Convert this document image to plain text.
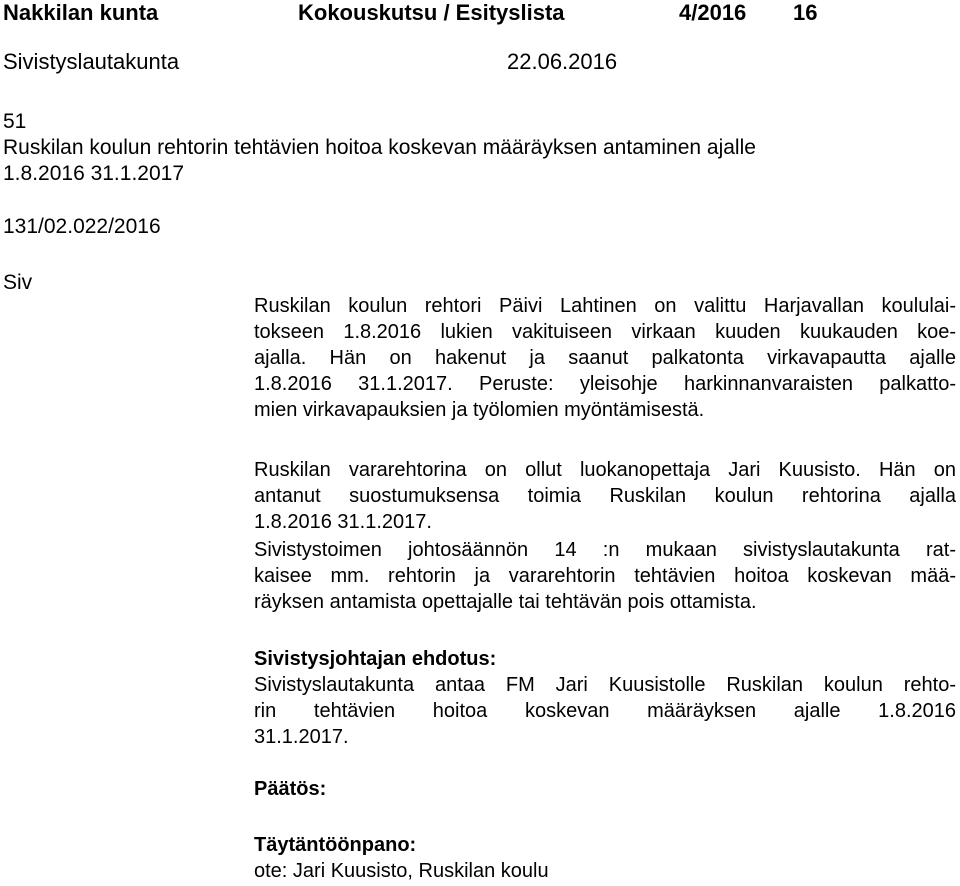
Nakkilan kunta	Kokouskutsu / Esityslista	4/2016 16
Sivistyslautakunta	22.06.2016
51
Ruskilan koulun rehtorin tehtävien hoitoa koskevan määräyksen antaminen ajalle
1.8.2016 31.1.2017
131/02.022/2016
Siv
Ruskilan koulun rehtori Päivi Lahtinen on valittu Harjavallan koululai-
tokseen 1.8.2016 lukien vakituiseen virkaan kuuden kuukauden koe-
ajalla. Hän on hakenut ja saanut palkatonta virkavapautta ajalle
1.8.2016 31.1.2017. Peruste: yleisohje harkinnanvaraisten palkatto-
mien virkavapauksien ja työlomien myöntämisestä.
Ruskilan vararehtorina on ollut luokanopettaja Jari Kuusisto. Hän on
antanut suostumuksensa toimia Ruskilan koulun rehtorina ajalla
1.8.2016 31.1.2017.
Sivistystoimen johtosäännön 14 :n mukaan sivistyslautakunta rat-
kaisee mm. rehtorin ja vararehtorin tehtävien hoitoa koskevan mää-
räyksen antamista opettajalle tai tehtävän pois ottamista.
Sivistysjohtajan ehdotus:
Sivistyslautakunta antaa FM Jari Kuusistolle Ruskilan koulun rehto-
rin tehtävien hoitoa koskevan määräyksen ajalle 1.8.2016
31.1.2017.
Päätös:
Täytäntöönpano:
ote: Jari Kuusisto, Ruskilan koulu
